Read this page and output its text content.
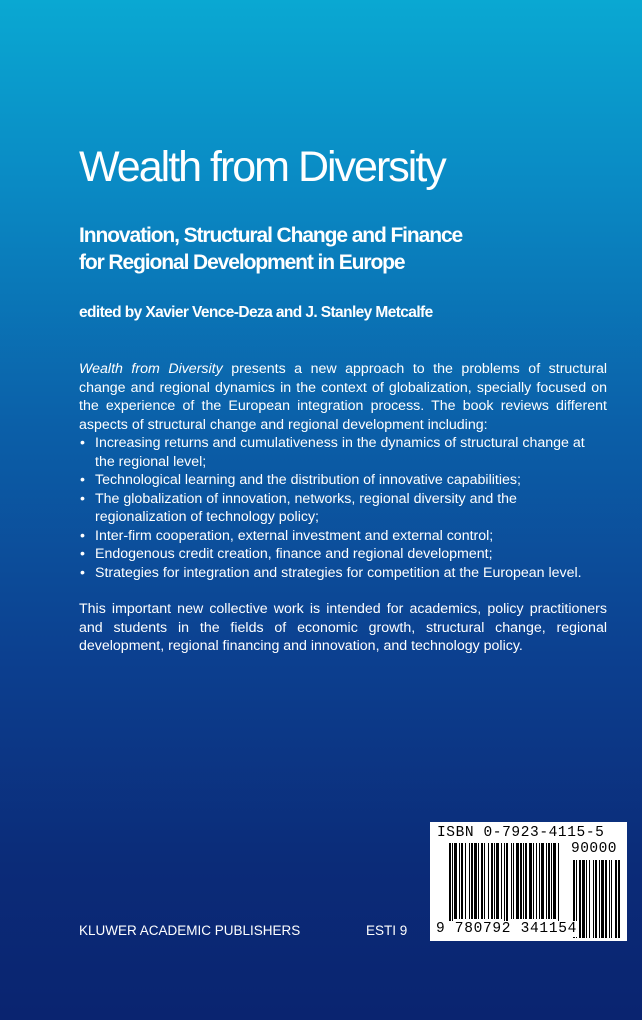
Wealth from Diversity
Innovation, Structural Change and Finance
for Regional Development in Europe
edited by Xavier Vence-Deza and J. Stanley Metcalfe

Wealth from Diversity presents a new approach to the problems of structural change and regional dynamics in the context of globalization, specially focused on the experience of the European integration process. The book reviews different aspects of structural change and regional development including:

• Increasing returns and cumulativeness in the dynamics of structural change at the regional level;
• Technological learning and the distribution of innovative capabilities;
• The globalization of innovation, networks, regional diversity and the regionalization of technology policy;
• Inter-firm cooperation, external investment and external control;
• Endogenous credit creation, finance and regional development;
• Strategies for integration and strategies for competition at the European level.

This important new collective work is intended for academics, policy practitioners and students in the fields of economic growth, structural change, regional development, regional financing and innovation, and technology policy.

KLUWER ACADEMIC PUBLISHERS	ESTI 9
ISBN 0-7923-4115-5
90000
9 780792 341154
